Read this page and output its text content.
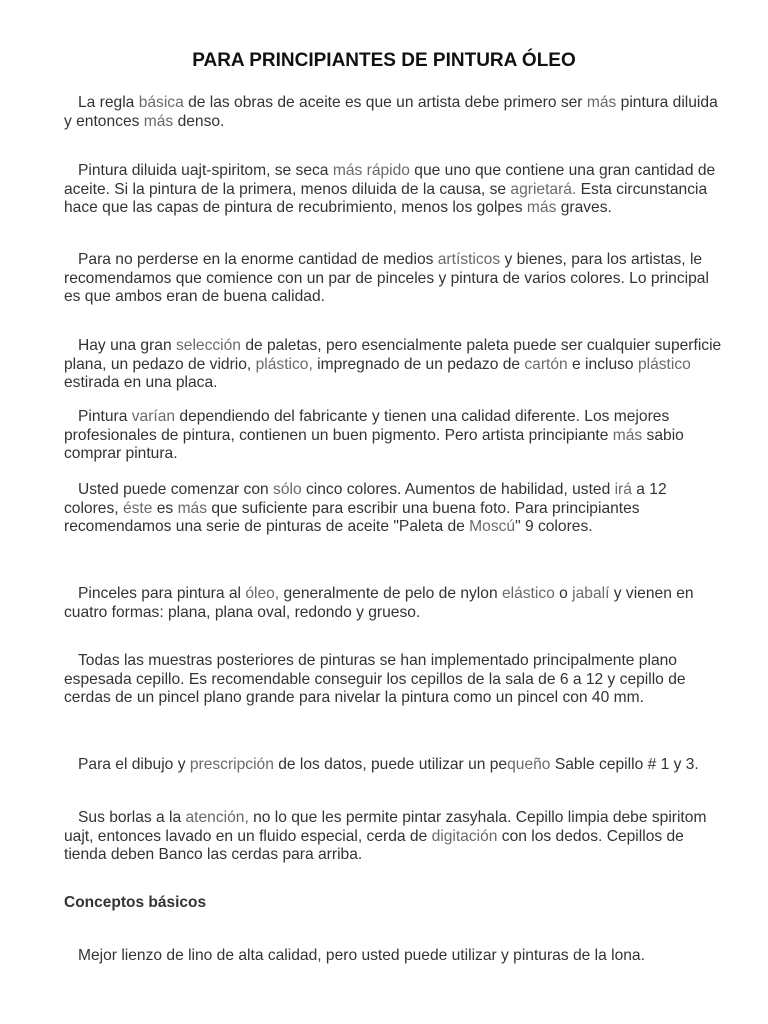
PARA PRINCIPIANTES DE PINTURA ÓLEO

La regla básica de las obras de aceite es que un artista debe primero ser más pintura diluida y entonces más denso.

Pintura diluida uajt-spiritom, se seca más rápido que uno que contiene una gran cantidad de aceite. Si la pintura de la primera, menos diluida de la causa, se agrietará. Esta circunstancia hace que las capas de pintura de recubrimiento, menos los golpes más graves.

Para no perderse en la enorme cantidad de medios artísticos y bienes, para los artistas, le recomendamos que comience con un par de pinceles y pintura de varios colores. Lo principal es que ambos eran de buena calidad.

Hay una gran selección de paletas, pero esencialmente paleta puede ser cualquier superficie plana, un pedazo de vidrio, plástico, impregnado de un pedazo de cartón e incluso plástico estirada en una placa.

Pintura varían dependiendo del fabricante y tienen una calidad diferente. Los mejores profesionales de pintura, contienen un buen pigmento. Pero artista principiante más sabio comprar pintura.

Usted puede comenzar con sólo cinco colores. Aumentos de habilidad, usted irá a 12 colores, éste es más que suficiente para escribir una buena foto. Para principiantes recomendamos una serie de pinturas de aceite "Paleta de Moscú" 9 colores.

Pinceles para pintura al óleo, generalmente de pelo de nylon elástico o jabalí y vienen en cuatro formas: plana, plana oval, redondo y grueso.

Todas las muestras posteriores de pinturas se han implementado principalmente plano espesada cepillo. Es recomendable conseguir los cepillos de la sala de 6 a 12 y cepillo de cerdas de un pincel plano grande para nivelar la pintura como un pincel con 40 mm.

Para el dibujo y prescripción de los datos, puede utilizar un pequeño Sable cepillo # 1 y 3.

Sus borlas a la atención, no lo que les permite pintar zasyhala. Cepillo limpia debe spiritom uajt, entonces lavado en un fluido especial, cerda de digitación con los dedos. Cepillos de tienda deben Banco las cerdas para arriba.

Conceptos básicos

Mejor lienzo de lino de alta calidad, pero usted puede utilizar y pinturas de la lona.
